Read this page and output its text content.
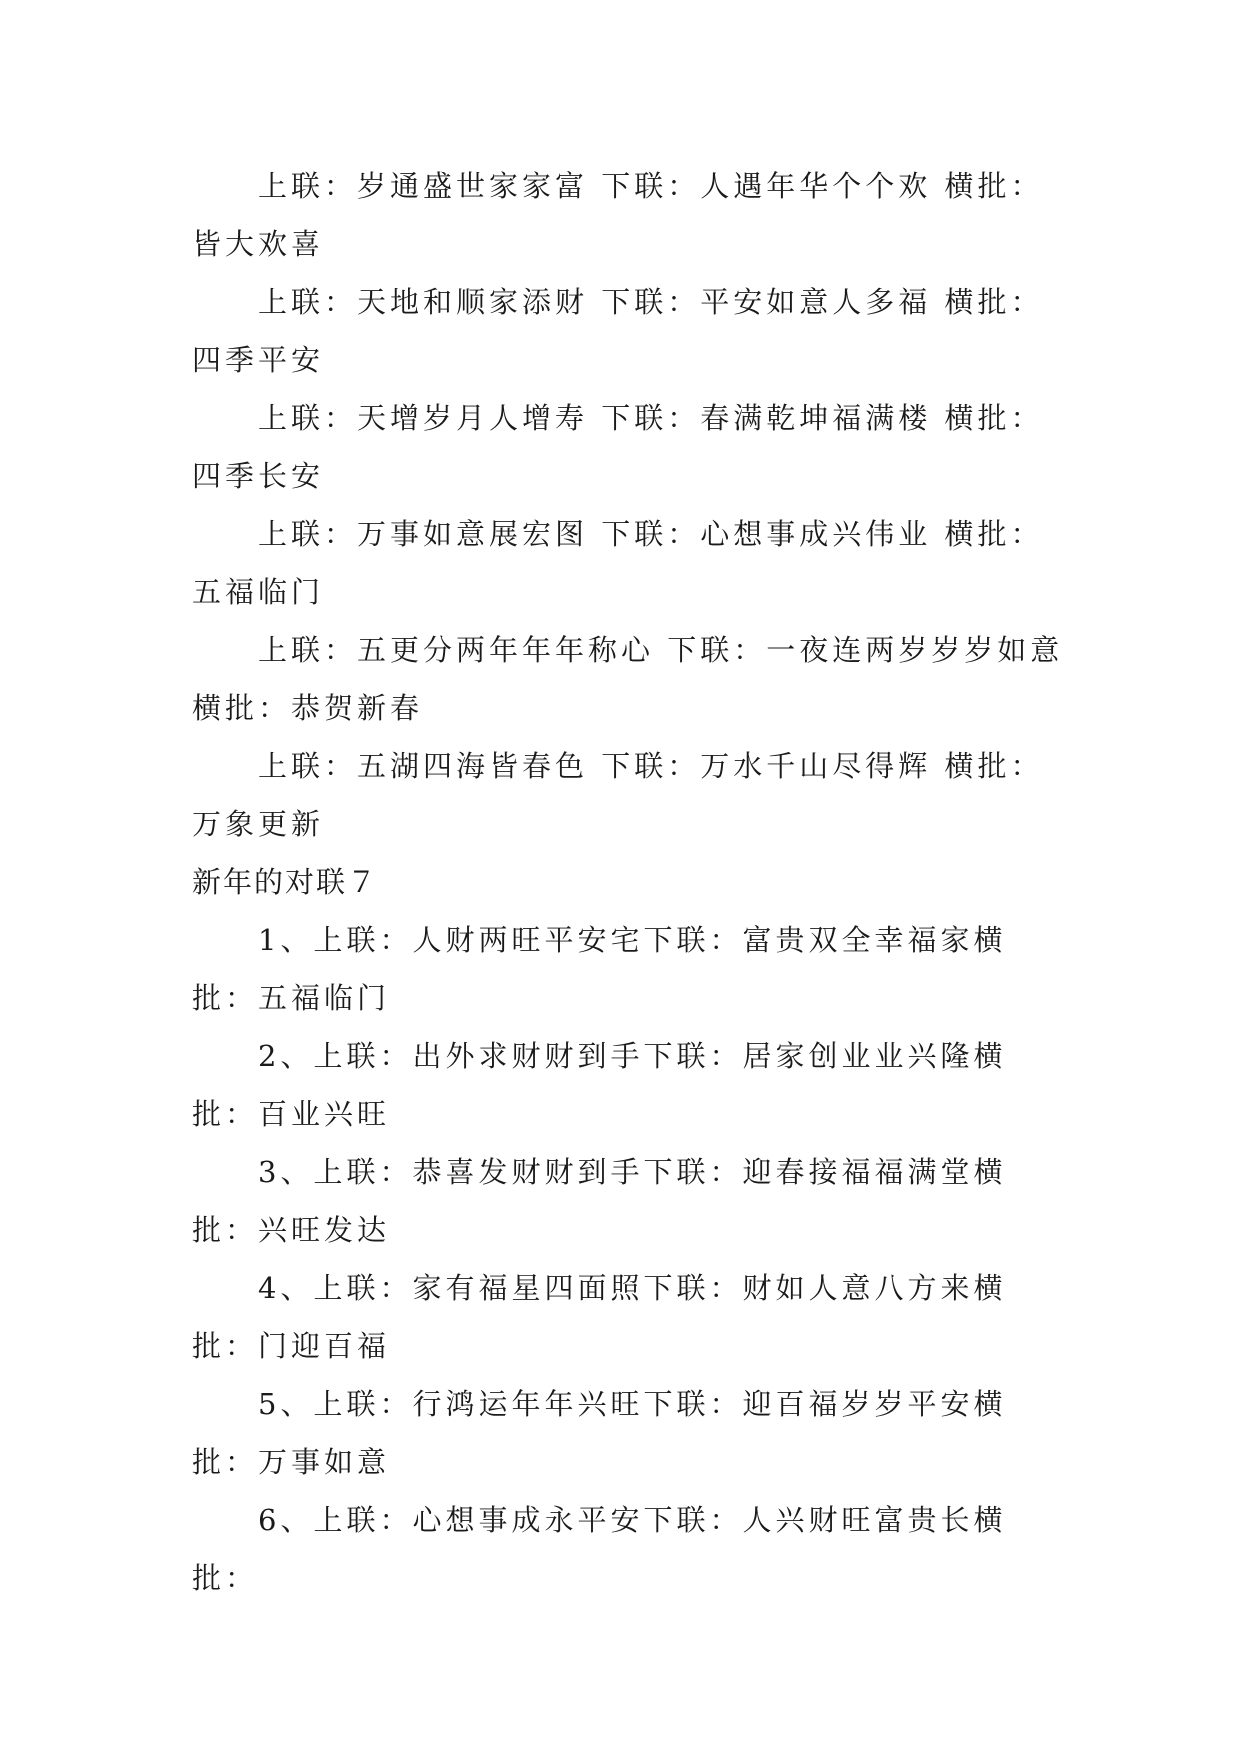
上联：岁通盛世家家富 下联：人遇年华个个欢 横批：皆大欢喜

上联：天地和顺家添财 下联：平安如意人多福 横批：四季平安

上联：天增岁月人增寿 下联：春满乾坤福满楼 横批：四季长安

上联：万事如意展宏图 下联：心想事成兴伟业 横批：五福临门

上联：五更分两年年年称心 下联：一夜连两岁岁岁如意 横批：恭贺新春

上联：五湖四海皆春色 下联：万水千山尽得辉 横批：万象更新

新年的对联７

1、上联：人财两旺平安宅下联：富贵双全幸福家横批：五福临门

2、上联：出外求财财到手下联：居家创业业兴隆横批：百业兴旺

3、上联：恭喜发财财到手下联：迎春接福福满堂横批：兴旺发达

4、上联：家有福星四面照下联：财如人意八方来横批：门迎百福

5、上联：行鸿运年年兴旺下联：迎百福岁岁平安横批：万事如意

6、上联：心想事成永平安下联：人兴财旺富贵长横批：
